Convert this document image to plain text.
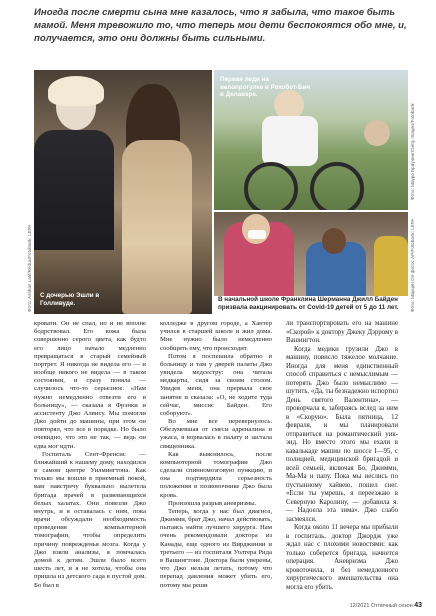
Иногда после смерти сына мне казалось, что я забыла, что такое быть мамой. Меня тревожило то, что теперь мои дети беспокоятся обо мне, и, получается, это они должны быть сильными.
С дочерью Эшли в Голливуде.
Фото: Ashkan Latif/Redux/Fotobank; LEPA
Первая леди на велопрогулке в Рехобот-Бич в Делавэре.
Фото: Мауро Браунинг/Getty Images/Fotobank
В начальной школе Франклина Шерманна Джилл Байден призвала вакцинировать от Covid-19 детей от 5 до 11 лет.	Фото: Марцин Оп-фотос AP/Fotobank; LEPA

кровати. Он не спал, но и не вполне бодрствовал. Его кожа была совершенно серого цвета, как будто его лицо начало медленно превращаться в старый семейный портрет. Я никогда не видела его — и вообще никого не видела — в таком состоянии, и сразу поняла — случилось что-то серьезное. «Нам нужно немедленно отвезти его в больницу», — сказала я Фрэнки и ассистенту Джо Алвису. Мы помогли Джо дойти до машины, при этом он повторял, что все в порядке. Но было очевидно, что это не так, — ведь он едва мог идти.

Госпиталь Сент-Френсис — ближайший к нашему дому, находился в самом центре Уилмингтона. Как только мы вошли в приемный покой, вам навстречу буквально вылетела бригада врачей в развевающихся белых халатах. Они повезли Джо внутрь, и я оставалась с ним, пока врачи обсуждали необходимость проведения компьютерной томографии, чтобы определить причину поврежденья мозга. Когда у Джо взяли анализы, я помчалась домой к детям. Эшли было всего шесть лет, и я не хотела, чтобы она пришла из детского сада в пустой дом. Бо был в

колледже в другом городе, а Хантер учился в старшей школе и жил дома. Мне нужно было немедленно сообщить ему, что происходит.

Потом я поспешила обратно в больницу и там у дверей палаты Джо увидела медсестру: она читала медкарты, сидя за своим столом. Увидев меня, она прервала свое занятие и сказала: «О, не ходите туда сейчас, миссис Байден. Его соборуют».

Во мне все перевернулось. Обезумевшая от смеси адреналина и ужаса, я ворвалась в палату и застала священника.

Как выяснилось, после компьютерной томографии Джо сделали спинномозговую пункцию, и она подтвердила серьезность положения в позвоночнике Джо была кровь.

Произошла разрыв аневризмы.

Теперь, когда у нас был диагноз, Джимми, брат Джо, начал действовать, пытаясь найти лучшего хирурга. Нам очень рекомендовали доктора из Канады, еще одного из Вирджинии и третьего — из госпиталя Уолтера Рида в Вашингтоне. Доктора были уверены, что Джо нельзя летать, потому что перепад давления может убить его, потому мы реши

ли транспортировать его на машине «Скорой» к доктору Джеку Дэррому в Вашингтон.

Когда медики грузили Джо в машину, повисло тяжелое молчание. Иногда для меня единственный способ справиться с немыслимым — потерять Джо было немыслимо — шутить. «Да, ты безнадежно испортил День святого Валентина», — проворчала я, забираясь вслед за ним в «Скорую». Была пятница, 12 февраля, и мы планировали отправиться на романтический уик-энд. Но вместо этого мы ехали в кавалькаде машин по шоссе I—95, с полицией, медицинской бригадой и всей семьей, включая Бо, Джимми, Ма-Ма и папу. Пока мы неслись по пустынному хайвею, пошел снег. «Если ты умрешь, я переезжаю в Северную Каролину, — добавила я. — Надоела эта зима». Джо слабо засмеялся.

Когда около 11 вечера мы прибыли в госпиталь, доктор Джордж уже ждал нас с плохими новостями: как только соберется бригада, начнется операция. Аневризма Джо кровоточила, и без немедленного хирургического вмешательства она могла его убить.

12/2021 Отличный сезон 43
